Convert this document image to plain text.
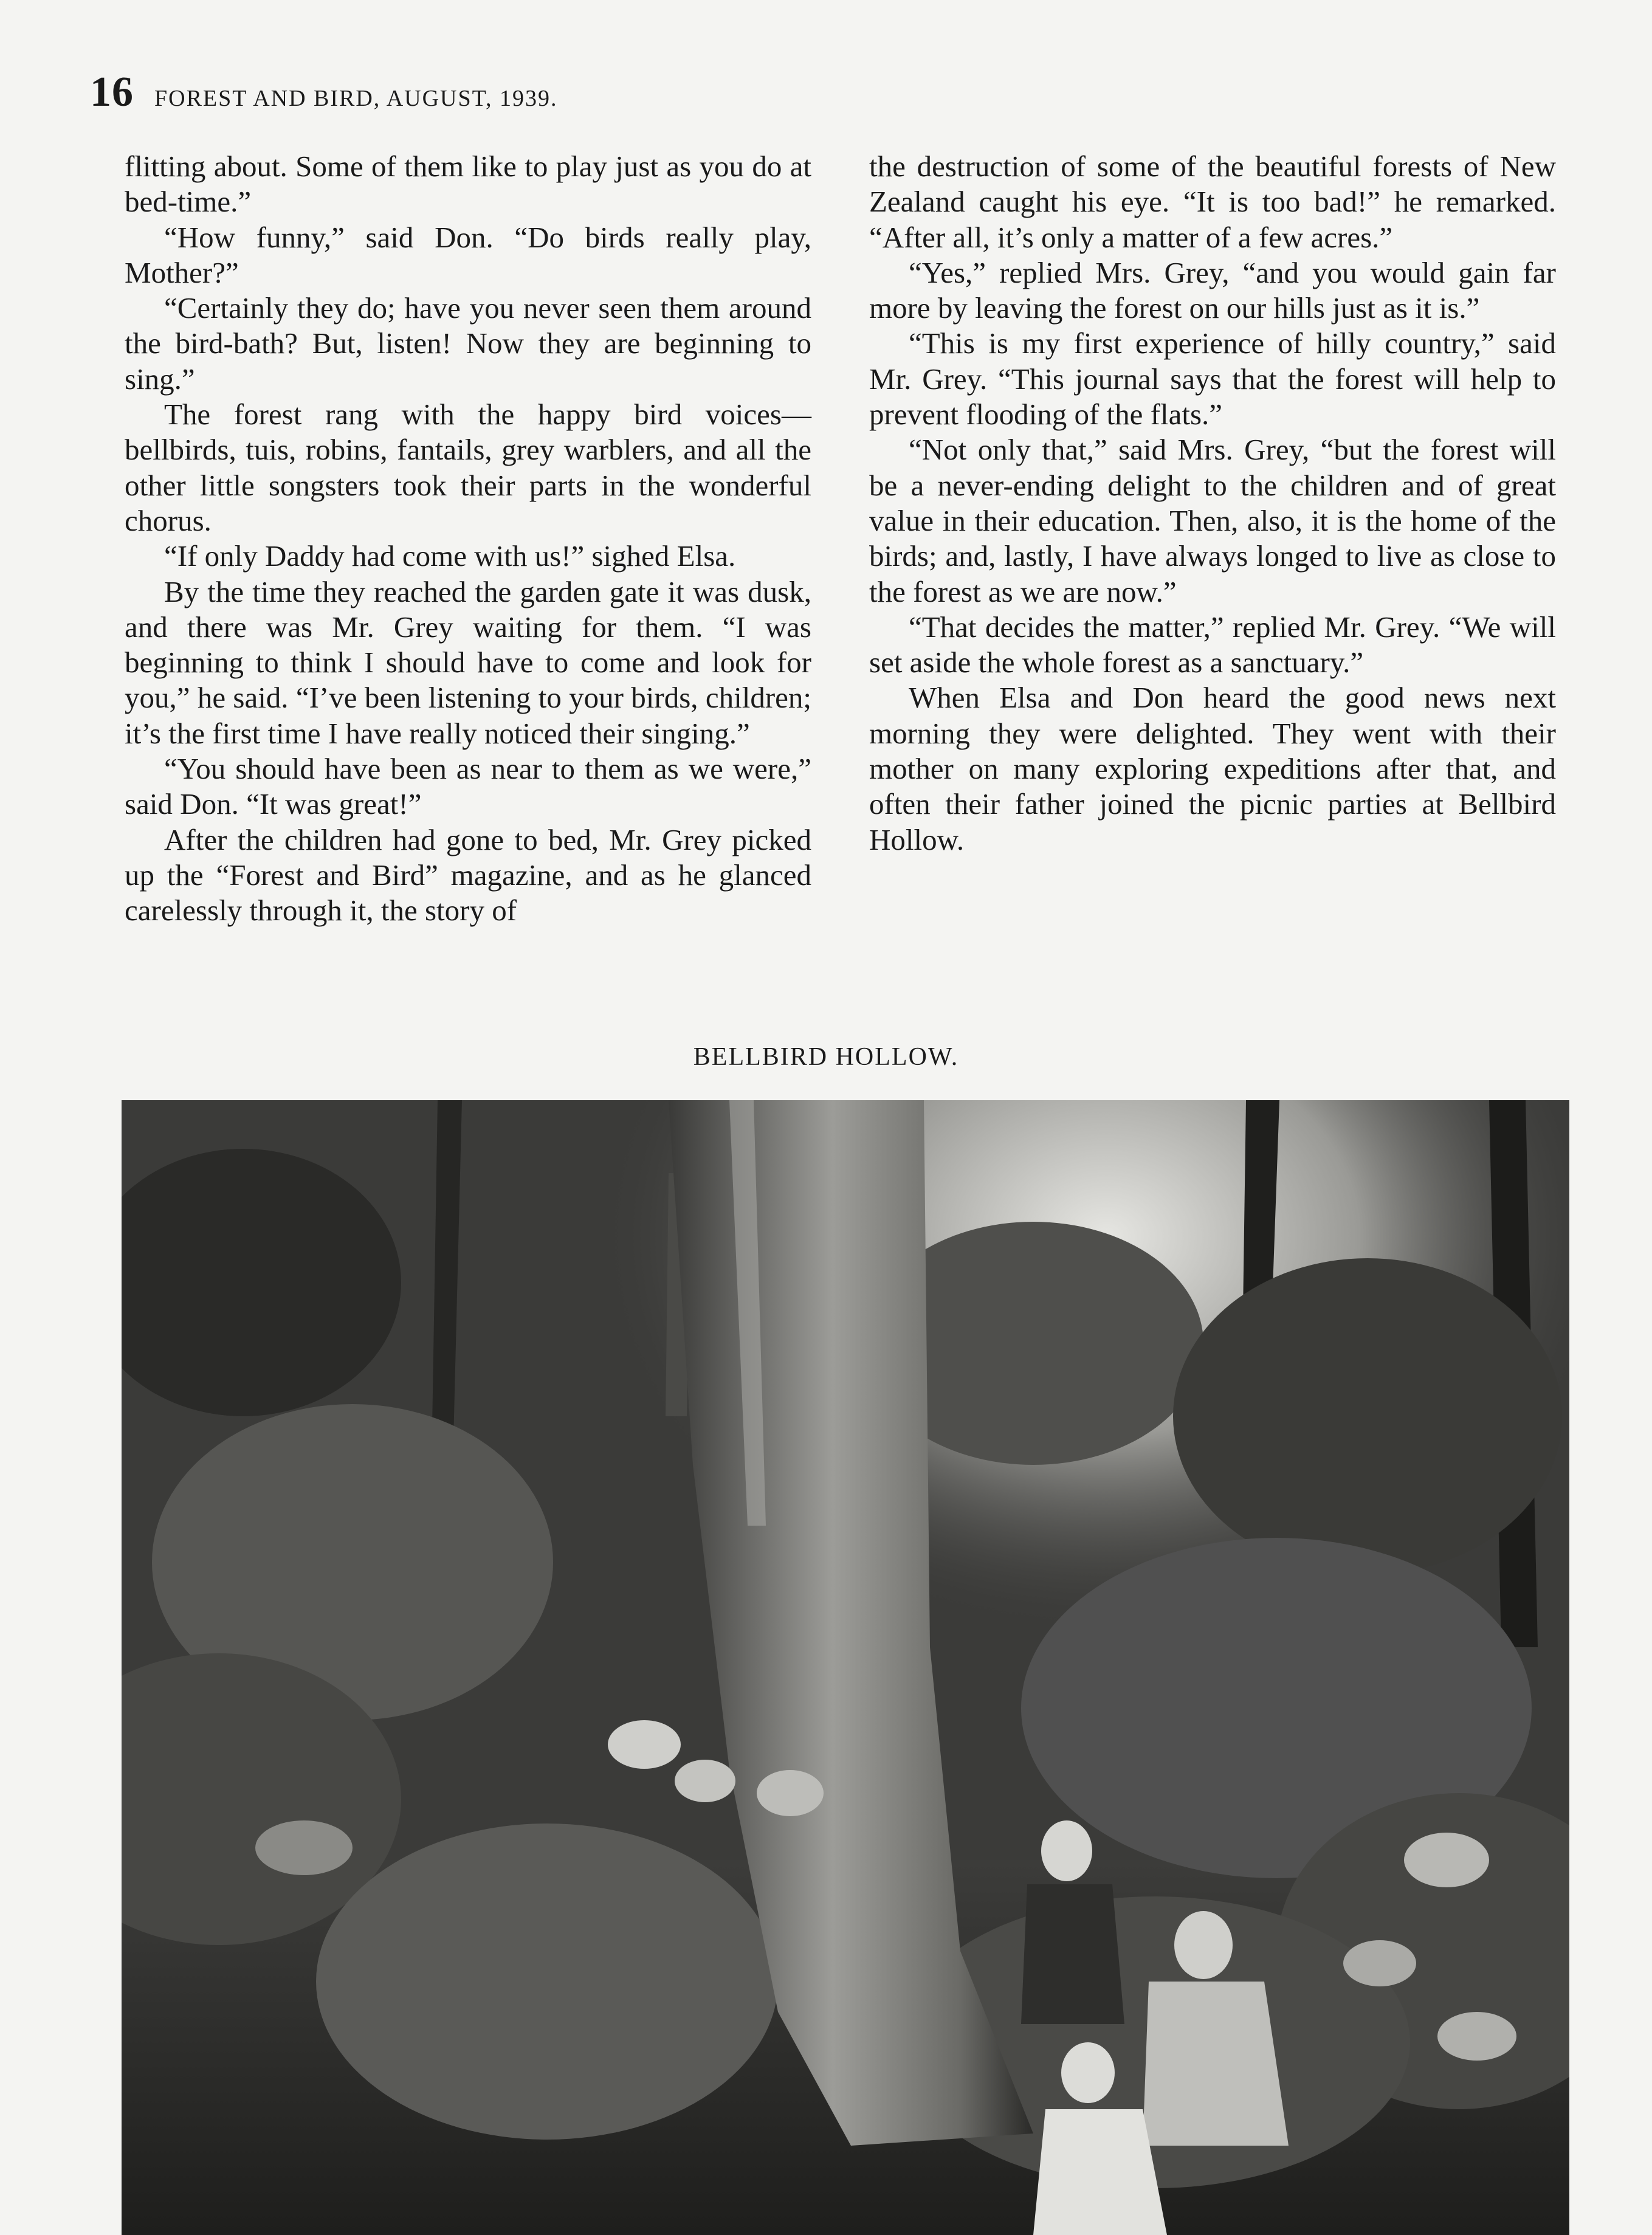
16 FOREST AND BIRD, AUGUST, 1939.

flitting about. Some of them like to play just as you do at bed-time.”

“How funny,” said Don. “Do birds really play, Mother?”

“Certainly they do; have you never seen them around the bird-bath? But, listen! Now they are beginning to sing.”

The forest rang with the happy bird voices— bellbirds, tuis, robins, fantails, grey warblers, and all the other little songsters took their parts in the wonderful chorus.

“If only Daddy had come with us!” sighed Elsa.

By the time they reached the garden gate it was dusk, and there was Mr. Grey waiting for them. “I was beginning to think I should have to come and look for you,” he said. “I’ve been listening to your birds, children; it’s the first time I have really noticed their singing.”

“You should have been as near to them as we were,” said Don. “It was great!”

After the children had gone to bed, Mr. Grey picked up the “Forest and Bird” magazine, and as he glanced carelessly through it, the story of

the destruction of some of the beautiful forests of New Zealand caught his eye. “It is too bad!” he remarked. “After all, it’s only a matter of a few acres.”

“Yes,” replied Mrs. Grey, “and you would gain far more by leaving the forest on our hills just as it is.”

“This is my first experience of hilly country,” said Mr. Grey. “This journal says that the forest will help to prevent flooding of the flats.”

“Not only that,” said Mrs. Grey, “but the forest will be a never-ending delight to the children and of great value in their education. Then, also, it is the home of the birds; and, lastly, I have always longed to live as close to the forest as we are now.”

“That decides the matter,” replied Mr. Grey. “We will set aside the whole forest as a sanctuary.”

When Elsa and Don heard the good news next morning they were delighted. They went with their mother on many exploring expeditions after that, and often their father joined the picnic parties at Bellbird Hollow.

BELLBIRD HOLLOW.
